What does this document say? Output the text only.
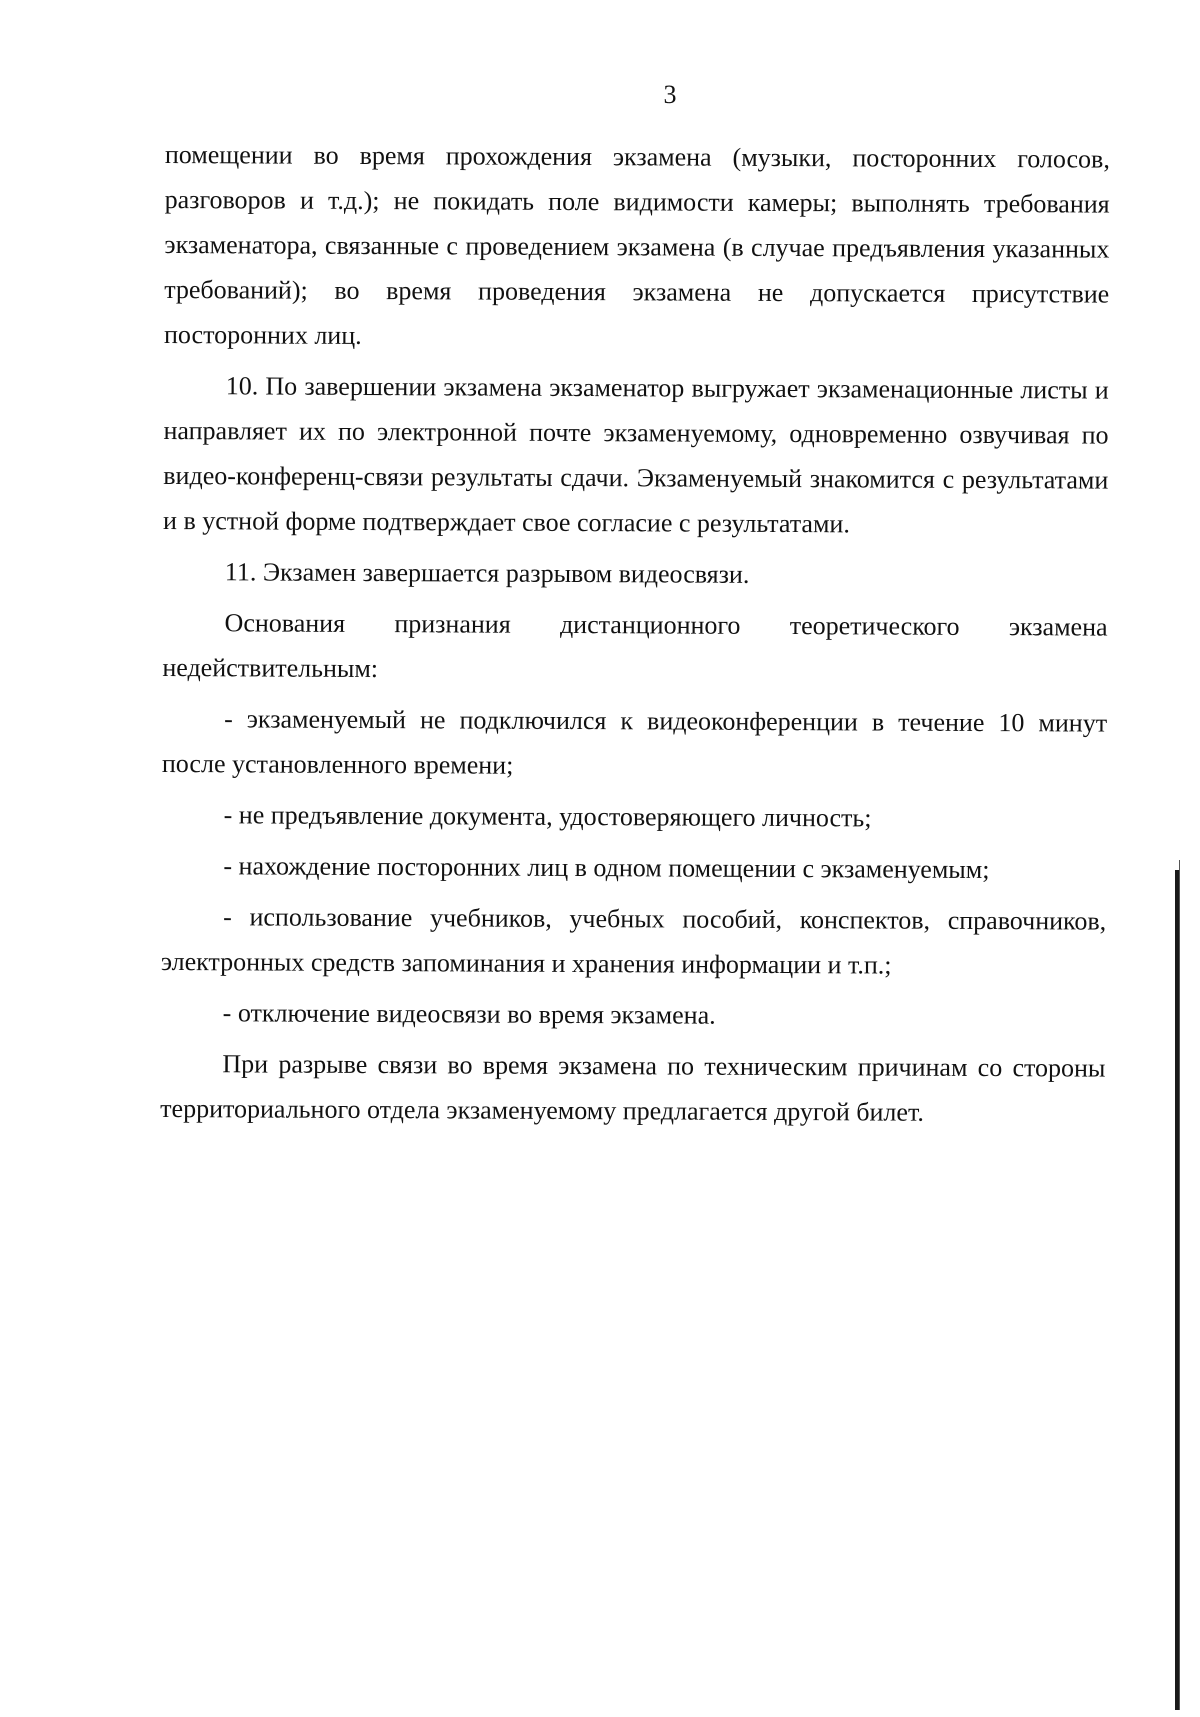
3

помещении во время прохождения экзамена (музыки, посторонних голосов, разговоров и т.д.); не покидать поле видимости камеры; выполнять требования экзаменатора, связанные с проведением экзамена (в случае предъявления указанных требований); во время проведения экзамена не допускается присутствие посторонних лиц.

10. По завершении экзамена экзаменатор выгружает экзаменационные листы и направляет их по электронной почте экзаменуемому, одновременно озвучивая по видео-конференц-связи результаты сдачи. Экзаменуемый знакомится с результатами и в устной форме подтверждает свое согласие с результатами.

11. Экзамен завершается разрывом видеосвязи.

Основания признания дистанционного теоретического экзамена недействительным:

- экзаменуемый не подключился к видеоконференции в течение 10 минут после установленного времени;

- не предъявление документа, удостоверяющего личность;

- нахождение посторонних лиц в одном помещении с экзаменуемым;

- использование учебников, учебных пособий, конспектов, справочников, электронных средств запоминания и хранения информации и т.п.;

- отключение видеосвязи во время экзамена.

При разрыве связи во время экзамена по техническим причинам со стороны территориального отдела экзаменуемому предлагается другой билет.
